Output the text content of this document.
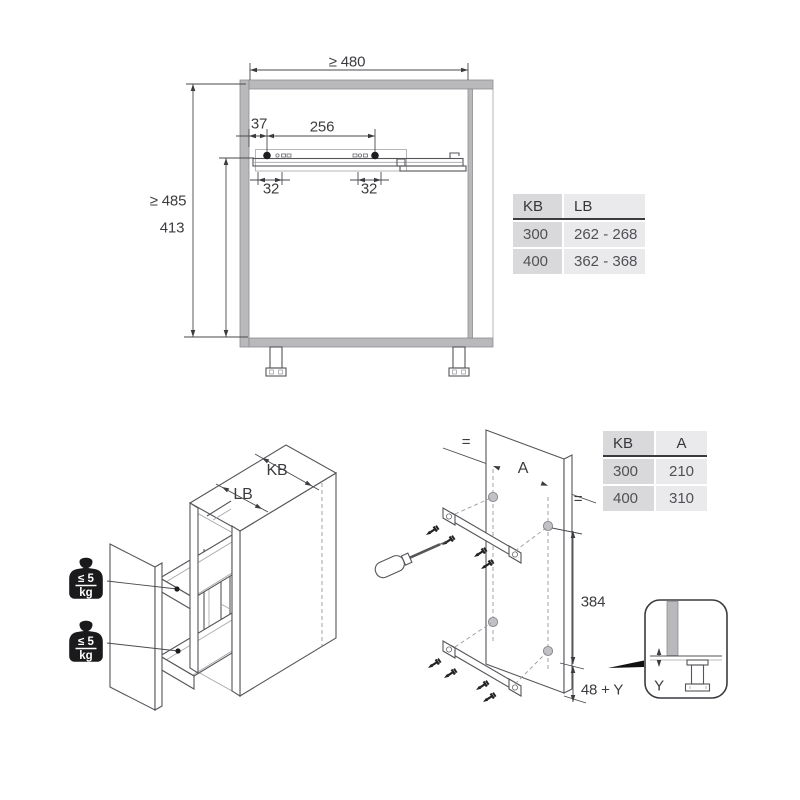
≥ 480
37	256
32	32
≥ 485
413
KB
LB
=
=
A
384
48 + Y Y
KB	LB
300	262 - 268
400	362 - 368
KB	A
300	210
400	310
≤ 5
kg
≤ 5
kg
